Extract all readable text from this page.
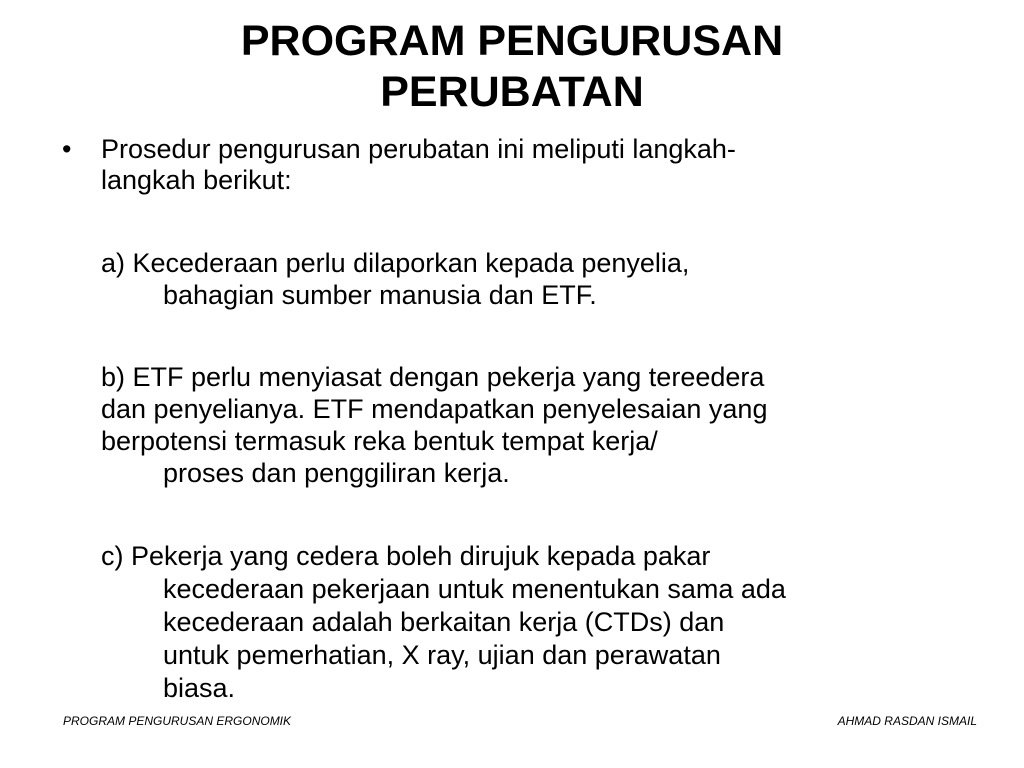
PROGRAM PENGURUSAN
PERUBATAN
• Prosedur pengurusan perubatan ini meliputi langkah-
langkah berikut:
a) Kecederaan perlu dilaporkan kepada penyelia,
bahagian sumber manusia dan ETF.
b) ETF perlu menyiasat dengan pekerja yang tereedera
dan penyelianya. ETF mendapatkan penyelesaian yang
berpotensi termasuk reka bentuk tempat kerja/
proses dan penggiliran kerja.
c) Pekerja yang cedera boleh dirujuk kepada pakar
kecederaan pekerjaan untuk menentukan sama ada
kecederaan adalah berkaitan kerja (CTDs) dan
untuk pemerhatian, X ray, ujian dan perawatan
biasa.
PROGRAM PENGURUSAN ERGONOMIK	AHMAD RASDAN ISMAIL
